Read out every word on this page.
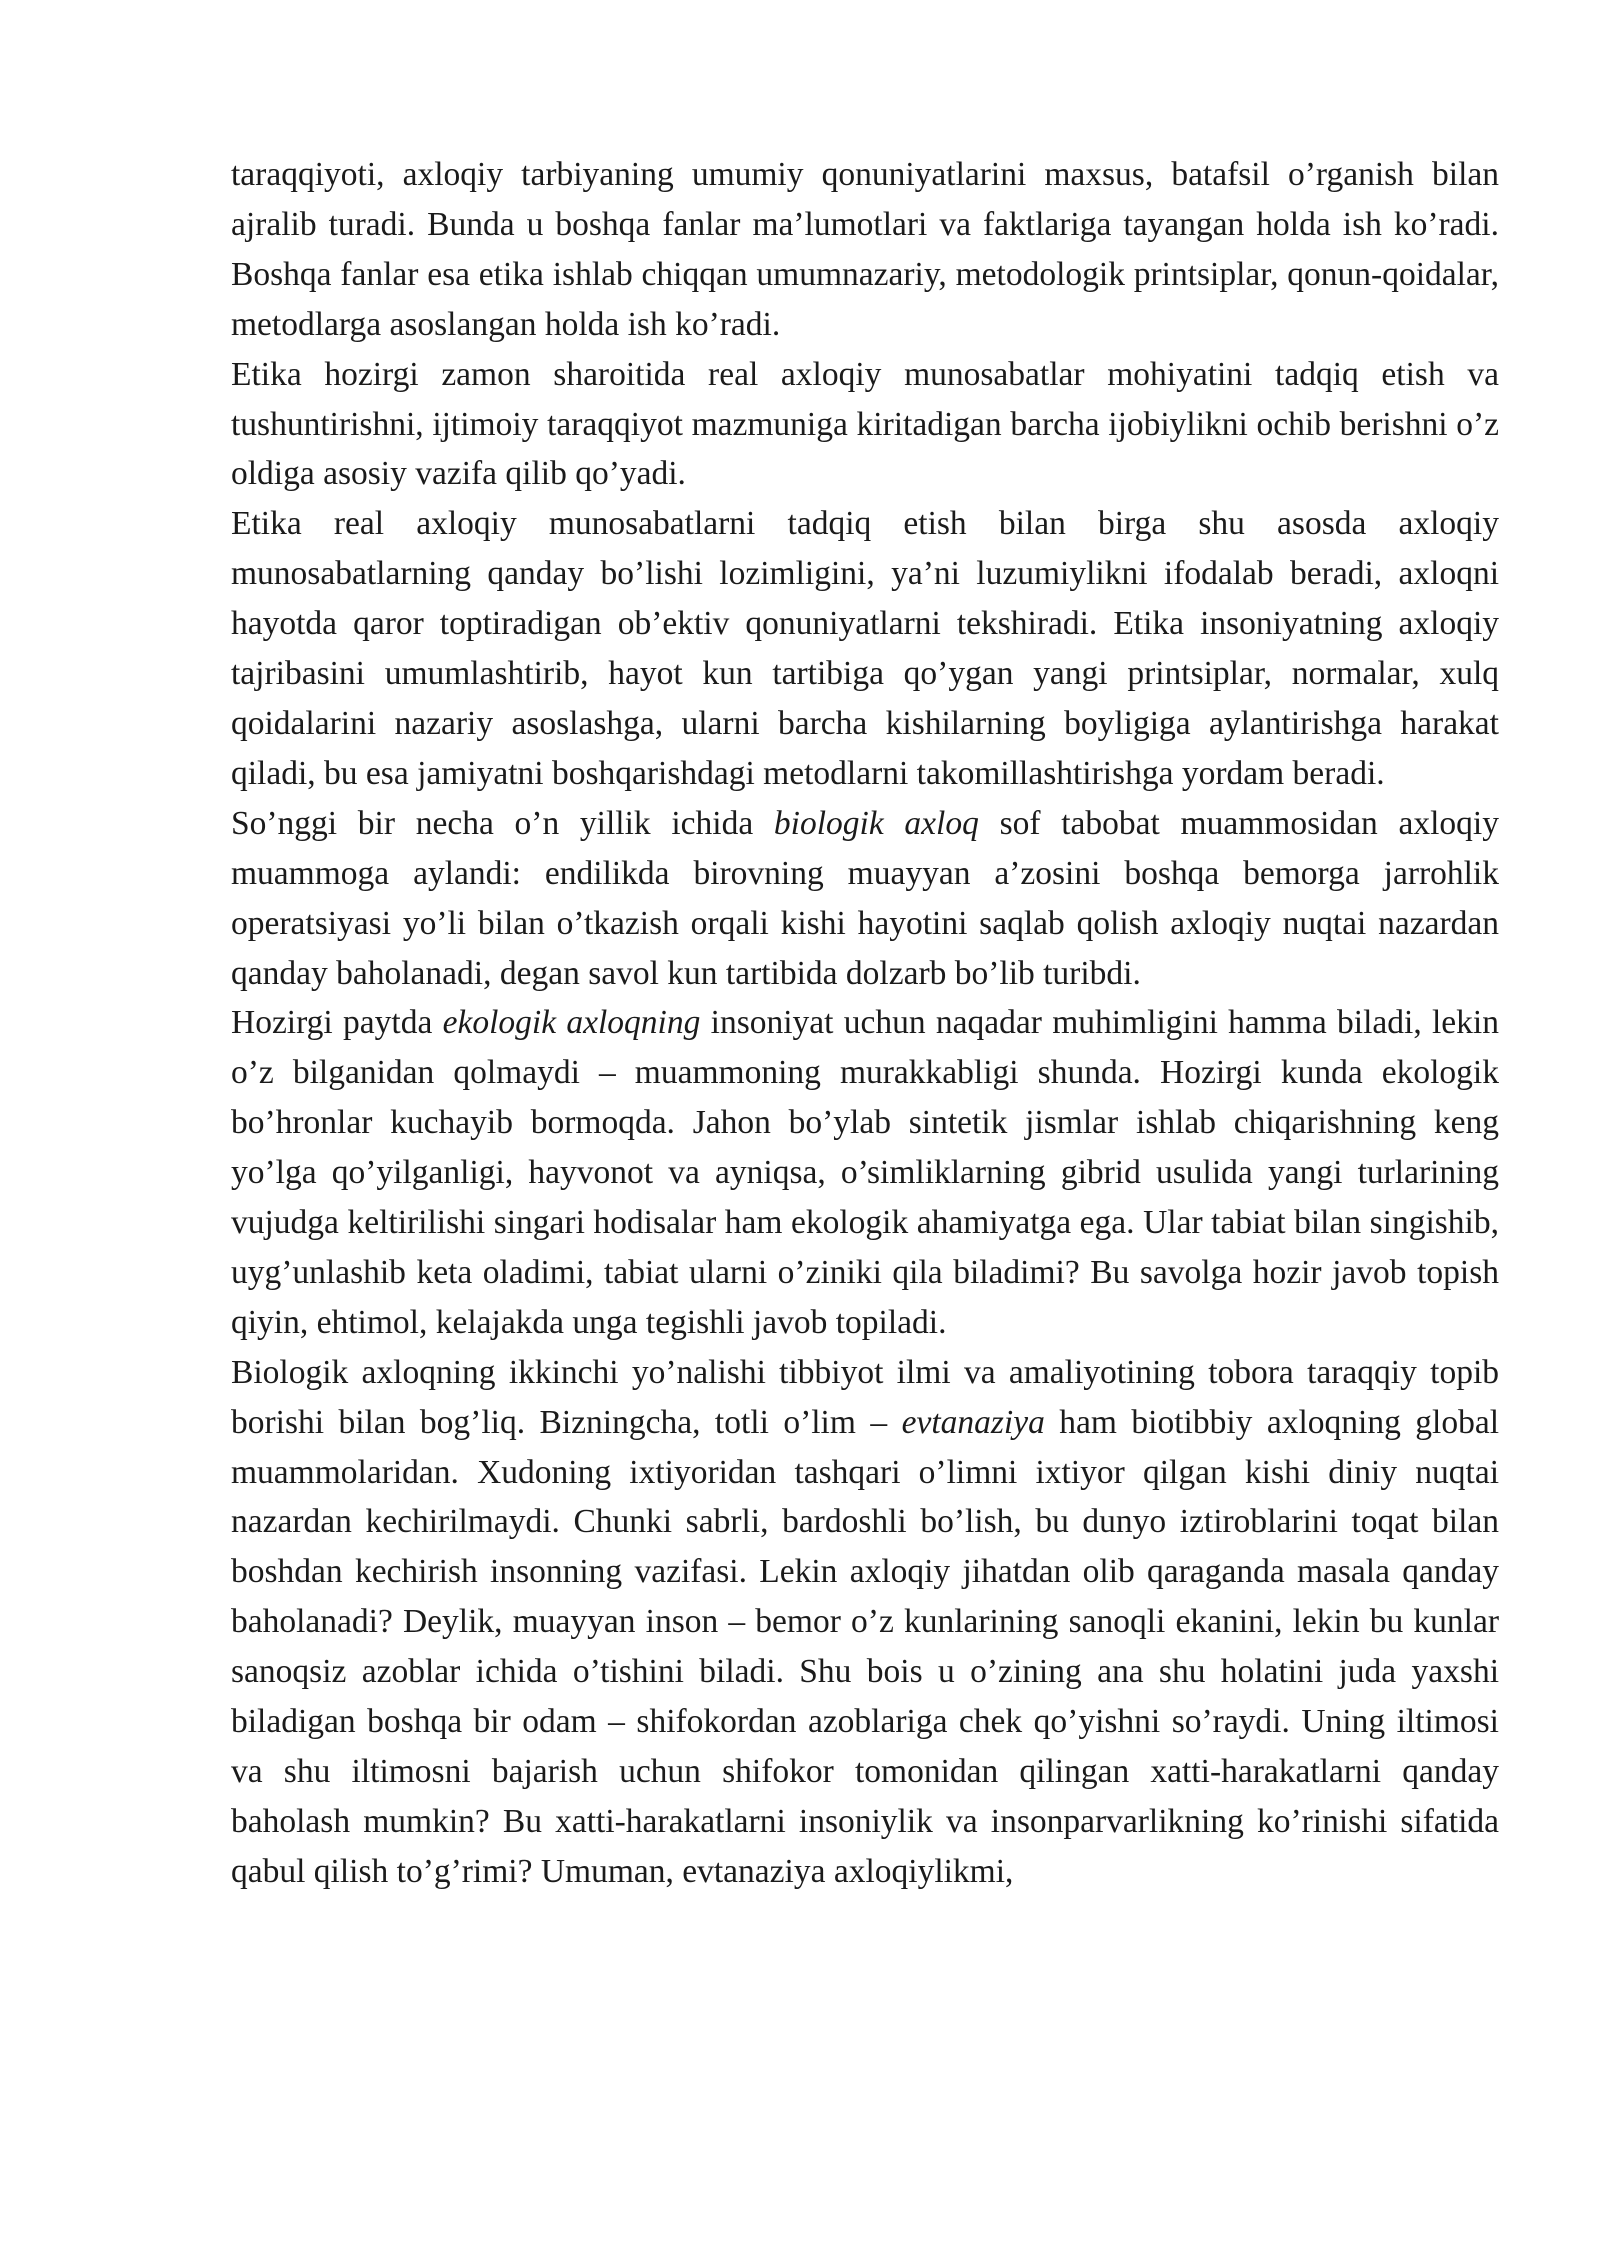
taraqqiyoti, axloqiy tarbiyaning umumiy qonuniyatlarini maxsus, batafsil o’rganish bilan ajralib turadi. Bunda u boshqa fanlar ma’lumotlari va faktlariga tayangan holda ish ko’radi. Boshqa fanlar esa etika ishlab chiqqan umumnazariy, metodologik printsiplar, qonun-qoidalar, metodlarga asoslangan holda ish ko’radi.

Etika hozirgi zamon sharoitida real axloqiy munosabatlar mohiyatini tadqiq etish va tushuntirishni, ijtimoiy taraqqiyot mazmuniga kiritadigan barcha ijobiylikni ochib berishni o’z oldiga asosiy vazifa qilib qo’yadi.

Etika real axloqiy munosabatlarni tadqiq etish bilan birga shu asosda axloqiy munosabatlarning qanday bo’lishi lozimligini, ya’ni luzumiylikni ifodalab beradi, axloqni hayotda qaror toptiradigan ob’ektiv qonuniyatlarni tekshiradi. Etika insoniyatning axloqiy tajribasini umumlashtirib, hayot kun tartibiga qo’ygan yangi printsiplar, normalar, xulq qoidalarini nazariy asoslashga, ularni barcha kishilarning boyligiga aylantirishga harakat qiladi, bu esa jamiyatni boshqarishdagi metodlarni takomillashtirishga yordam beradi.

So’nggi bir necha o’n yillik ichida biologik axloq sof tabobat muammosidan axloqiy muammoga aylandi: endilikda birovning muayyan a’zosini boshqa bemorga jarrohlik operatsiyasi yo’li bilan o’tkazish orqali kishi hayotini saqlab qolish axloqiy nuqtai nazardan qanday baholanadi, degan savol kun tartibida dolzarb bo’lib turibdi.

Hozirgi paytda ekologik axloqning insoniyat uchun naqadar muhimligini hamma biladi, lekin o’z bilganidan qolmaydi – muammoning murakkabligi shunda. Hozirgi kunda ekologik bo’hronlar kuchayib bormoqda. Jahon bo’ylab sintetik jismlar ishlab chiqarishning keng yo’lga qo’yilganligi, hayvonot va ayniqsa, o’simliklarning gibrid usulida yangi turlarining vujudga keltirilishi singari hodisalar ham ekologik ahamiyatga ega. Ular tabiat bilan singishib, uyg’unlashib keta oladimi, tabiat ularni o’ziniki qila biladimi? Bu savolga hozir javob topish qiyin, ehtimol, kelajakda unga tegishli javob topiladi.

Biologik axloqning ikkinchi yo’nalishi tibbiyot ilmi va amaliyotining tobora taraqqiy topib borishi bilan bog’liq. Bizningcha, totli o’lim – evtanaziya ham biotibbiy axloqning global muammolaridan. Xudoning ixtiyoridan tashqari o’limni ixtiyor qilgan kishi diniy nuqtai nazardan kechirilmaydi. Chunki sabrli, bardoshli bo’lish, bu dunyo iztiroblarini toqat bilan boshdan kechirish insonning vazifasi. Lekin axloqiy jihatdan olib qaraganda masala qanday baholanadi? Deylik, muayyan inson – bemor o’z kunlarining sanoqli ekanini, lekin bu kunlar sanoqsiz azoblar ichida o’tishini biladi. Shu bois u o’zining ana shu holatini juda yaxshi biladigan boshqa bir odam – shifokordan azoblariga chek qo’yishni so’raydi. Uning iltimosi va shu iltimosni bajarish uchun shifokor tomonidan qilingan xatti-harakatlarni qanday baholash mumkin? Bu xatti-harakatlarni insoniylik va insonparvarlikning ko’rinishi sifatida qabul qilish to’g’rimi? Umuman, evtanaziya axloqiylikmi,
